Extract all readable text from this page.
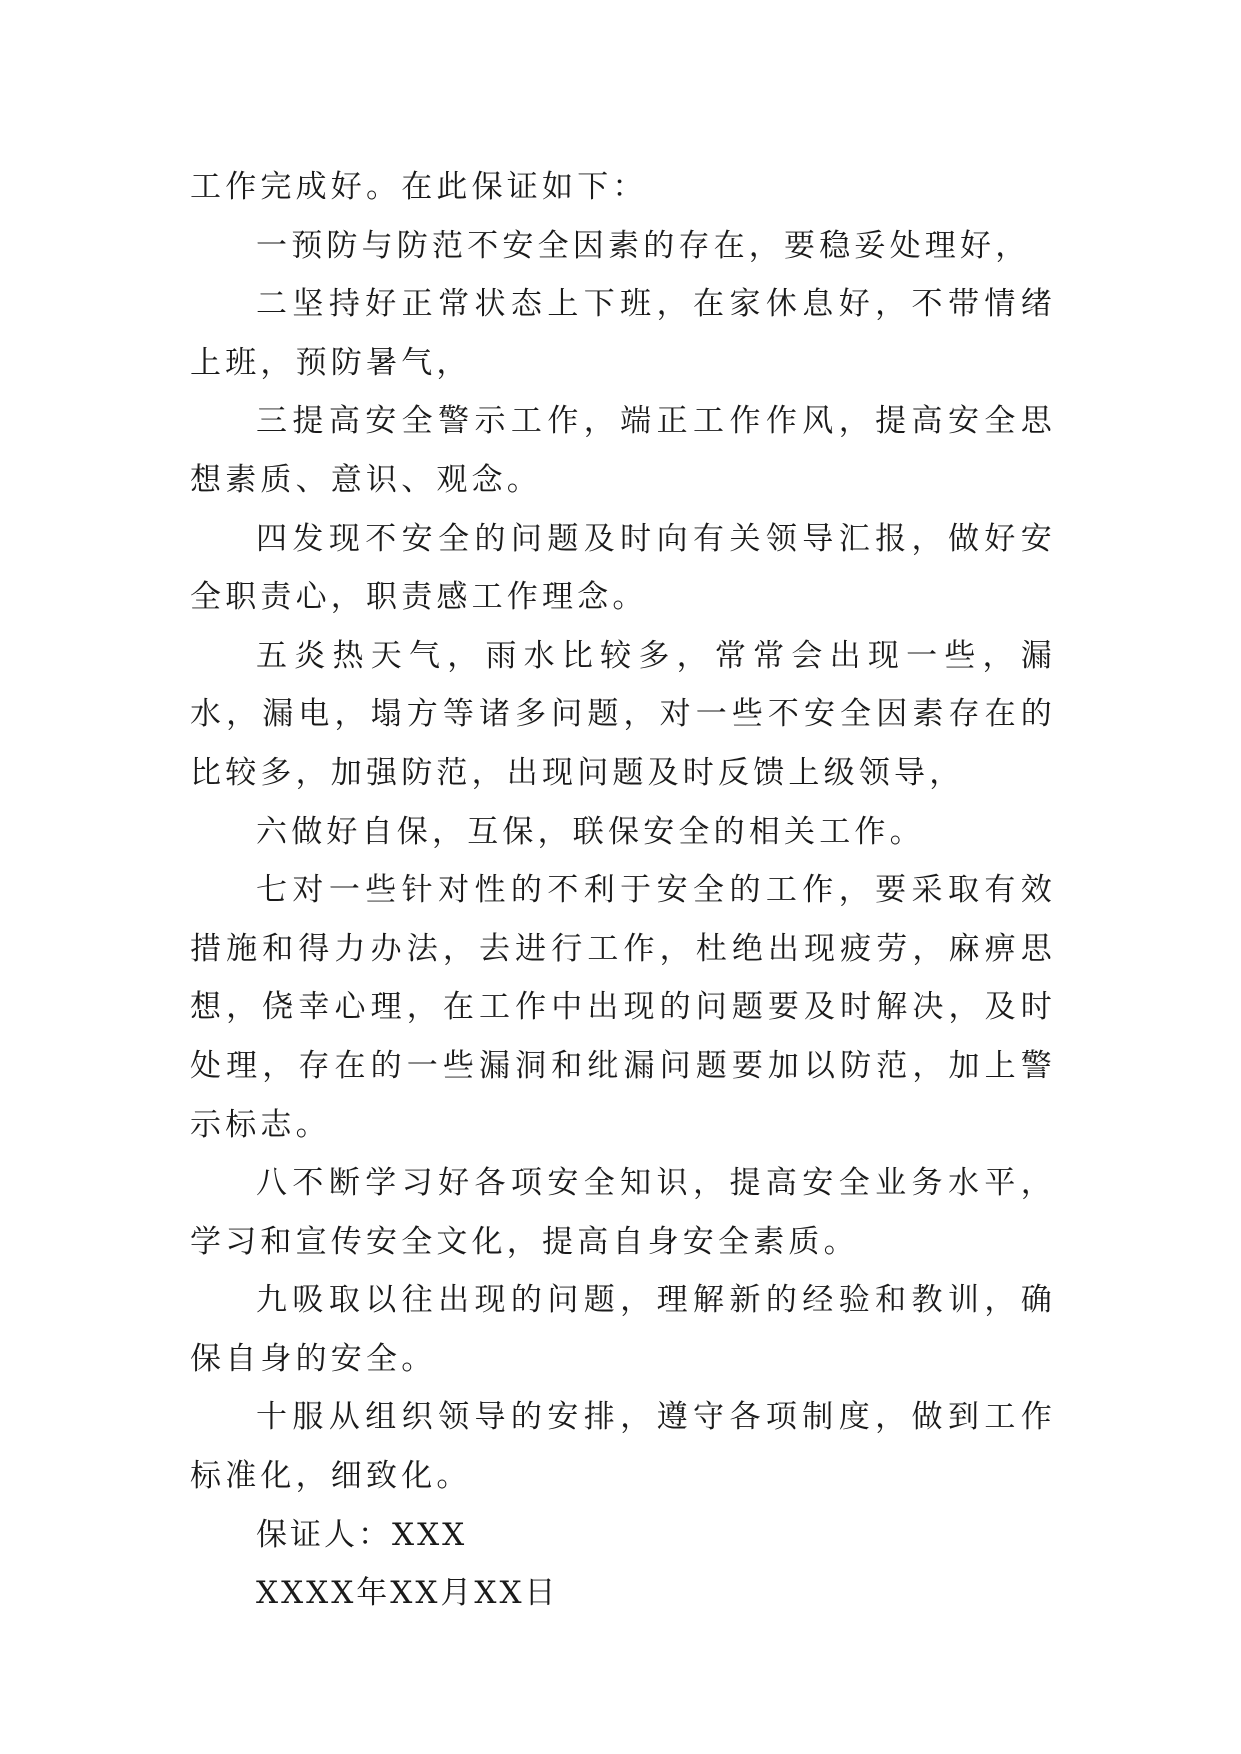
工作完成好。在此保证如下：

一预防与防范不安全因素的存在，要稳妥处理好，

二坚持好正常状态上下班，在家休息好，不带情绪上班，预防暑气，

三提高安全警示工作，端正工作作风，提高安全思想素质、意识、观念。

四发现不安全的问题及时向有关领导汇报，做好安全职责心，职责感工作理念。

五炎热天气，雨水比较多，常常会出现一些，漏水，漏电，塌方等诸多问题，对一些不安全因素存在的比较多，加强防范，出现问题及时反馈上级领导，

六做好自保，互保，联保安全的相关工作。

七对一些针对性的不利于安全的工作，要采取有效措施和得力办法，去进行工作，杜绝出现疲劳，麻痹思想，侥幸心理，在工作中出现的问题要及时解决，及时处理，存在的一些漏洞和纰漏问题要加以防范，加上警示标志。

八不断学习好各项安全知识，提高安全业务水平，学习和宣传安全文化，提高自身安全素质。

九吸取以往出现的问题，理解新的经验和教训，确保自身的安全。

十服从组织领导的安排，遵守各项制度，做到工作标准化，细致化。

保证人：XXX

XXXX年XX月XX日
